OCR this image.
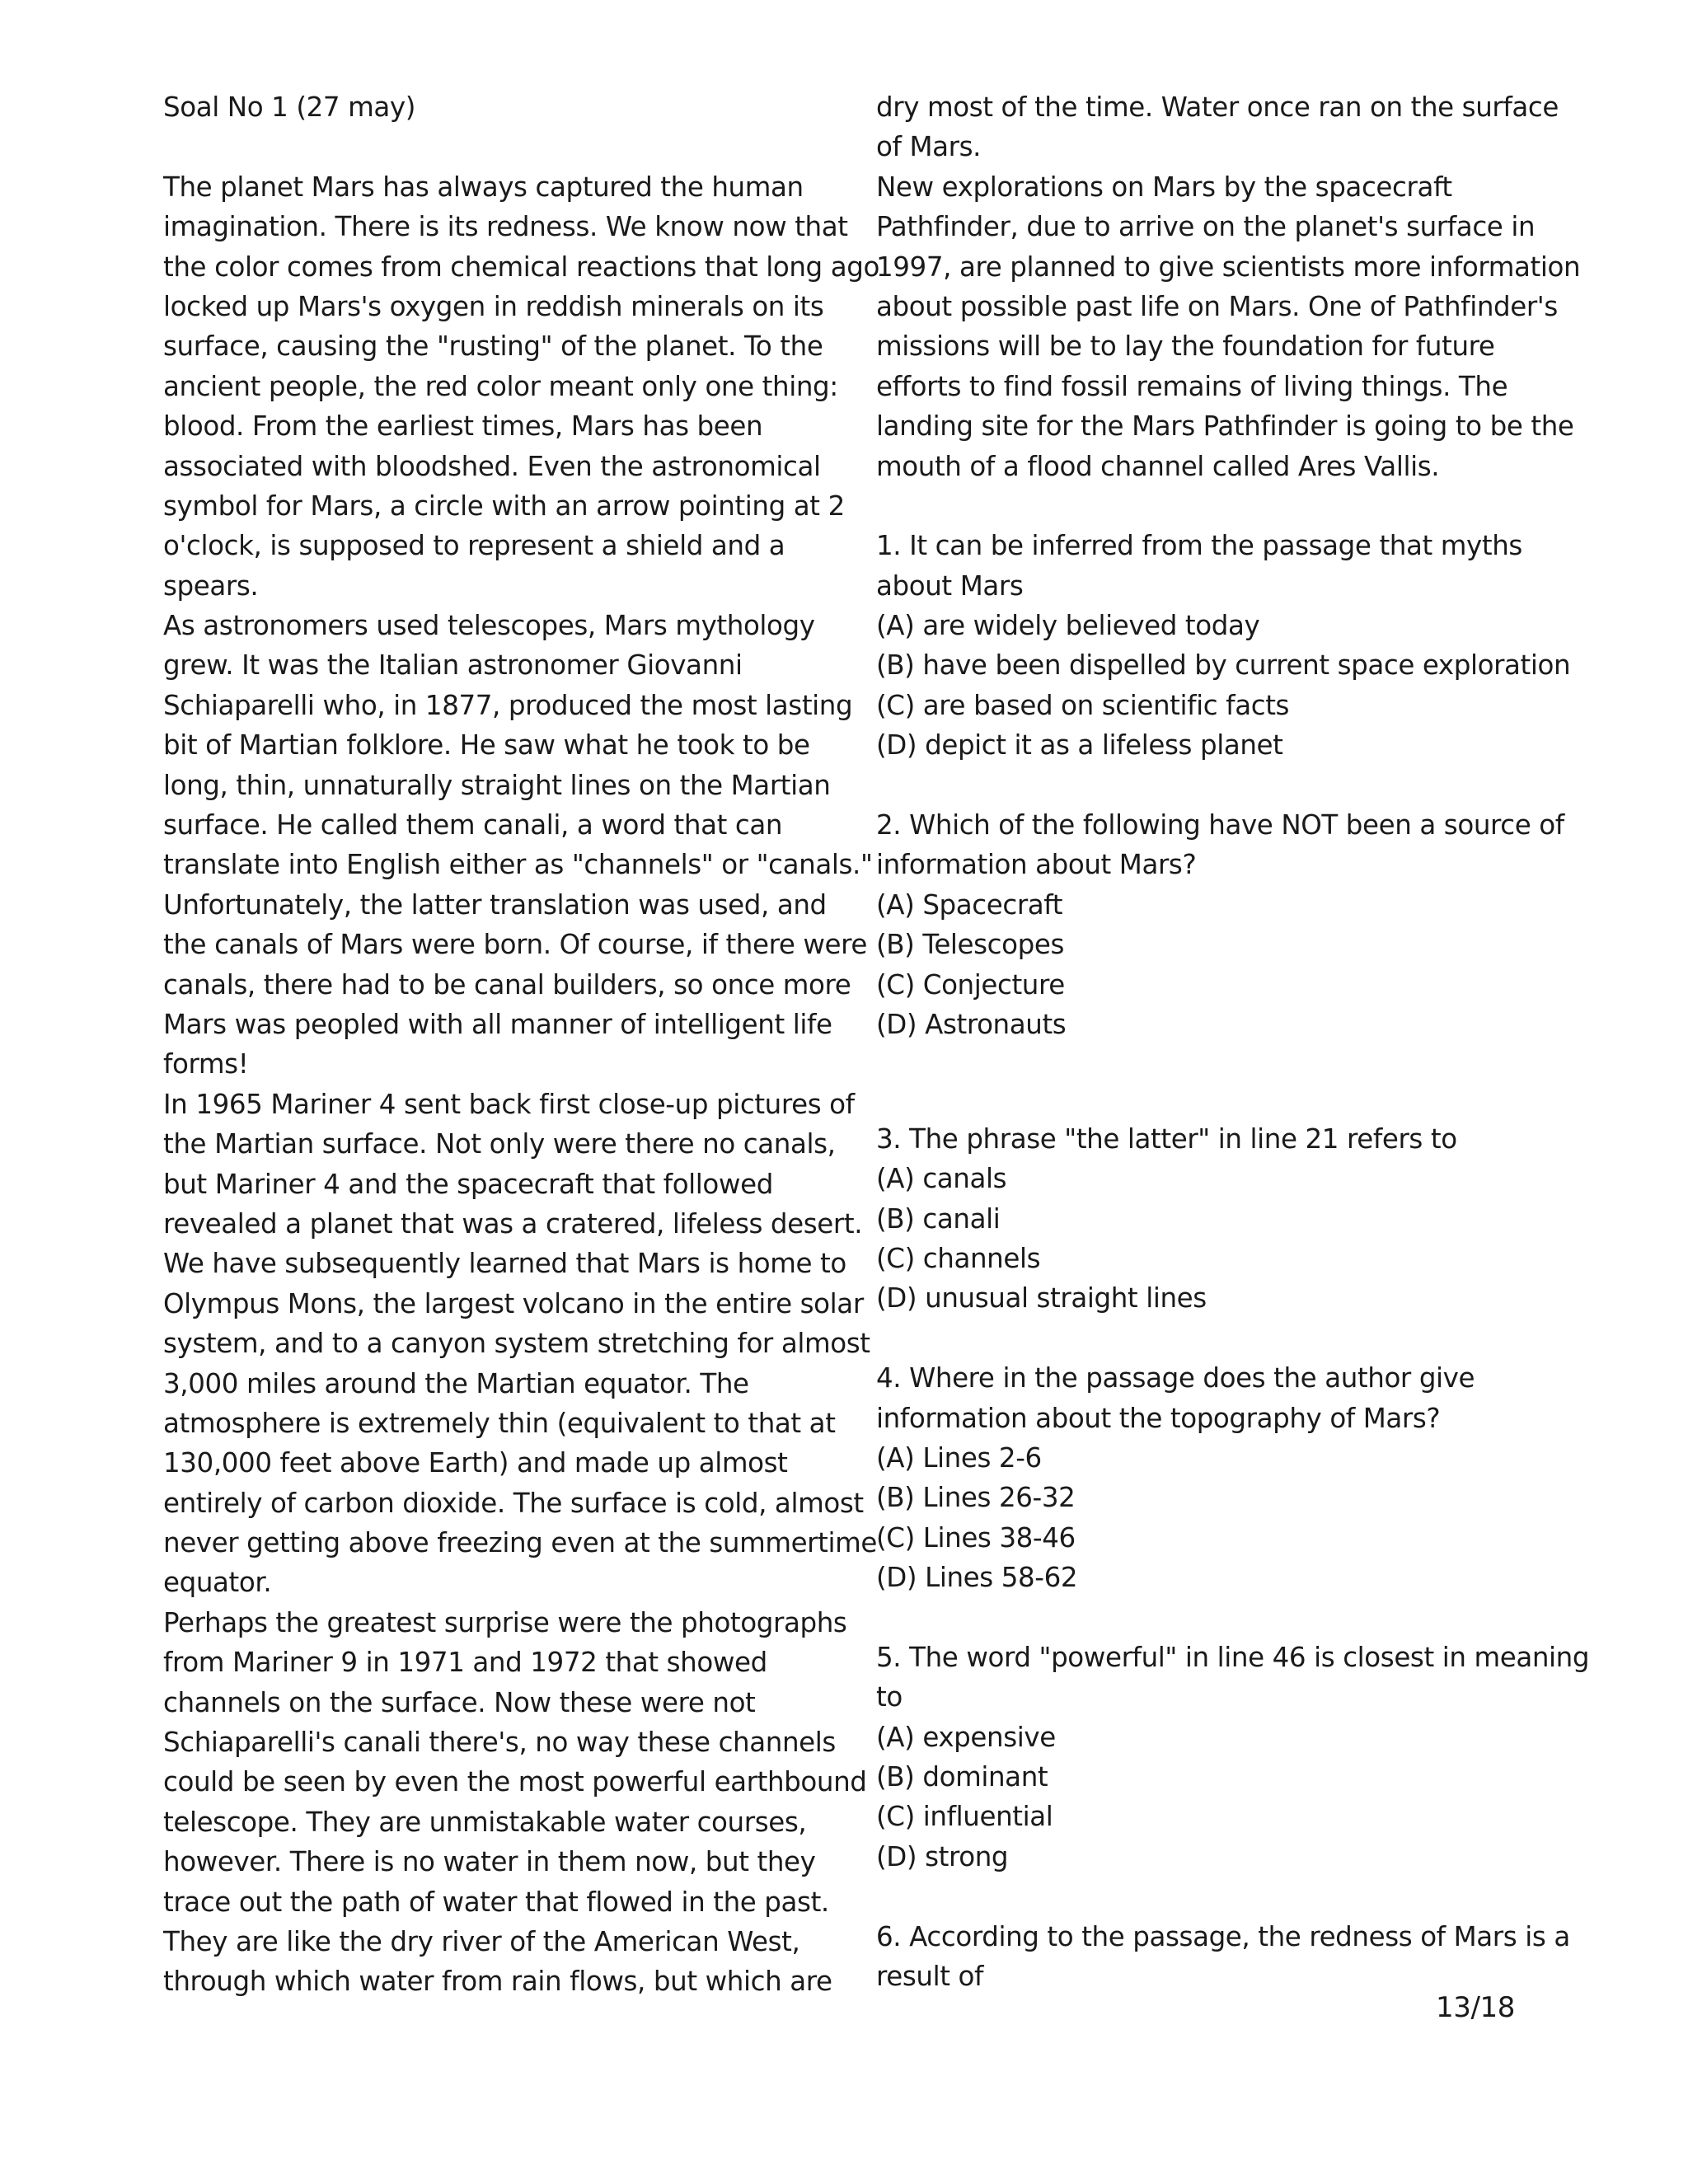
Soal No 1 (27 may)
The planet Mars has always captured the human
imagination. There is its redness. We know now that
the color comes from chemical reactions that long ago
locked up Mars's oxygen in reddish minerals on its
surface, causing the "rusting" of the planet. To the
ancient people, the red color meant only one thing:
blood. From the earliest times, Mars has been
associated with bloodshed. Even the astronomical
symbol for Mars, a circle with an arrow pointing at 2
o'clock, is supposed to represent a shield and a
spears.
As astronomers used telescopes, Mars mythology
grew. It was the Italian astronomer Giovanni
Schiaparelli who, in 1877, produced the most lasting
bit of Martian folklore. He saw what he took to be
long, thin, unnaturally straight lines on the Martian
surface. He called them canali, a word that can
translate into English either as "channels" or "canals."
Unfortunately, the latter translation was used, and
the canals of Mars were born. Of course, if there were
canals, there had to be canal builders, so once more
Mars was peopled with all manner of intelligent life
forms!
In 1965 Mariner 4 sent back first close-up pictures of
the Martian surface. Not only were there no canals,
but Mariner 4 and the spacecraft that followed
revealed a planet that was a cratered, lifeless desert.
We have subsequently learned that Mars is home to
Olympus Mons, the largest volcano in the entire solar
system, and to a canyon system stretching for almost
3,000 miles around the Martian equator. The
atmosphere is extremely thin (equivalent to that at
130,000 feet above Earth) and made up almost
entirely of carbon dioxide. The surface is cold, almost
never getting above freezing even at the summertime
equator.
Perhaps the greatest surprise were the photographs
from Mariner 9 in 1971 and 1972 that showed
channels on the surface. Now these were not
Schiaparelli's canali there's, no way these channels
could be seen by even the most powerful earthbound
telescope. They are unmistakable water courses,
however. There is no water in them now, but they
trace out the path of water that flowed in the past.
They are like the dry river of the American West,
through which water from rain flows, but which are
dry most of the time. Water once ran on the surface
of Mars.
New explorations on Mars by the spacecraft
Pathfinder, due to arrive on the planet's surface in
1997, are planned to give scientists more information
about possible past life on Mars. One of Pathfinder's
missions will be to lay the foundation for future
efforts to find fossil remains of living things. The
landing site for the Mars Pathfinder is going to be the
mouth of a flood channel called Ares Vallis.
1. It can be inferred from the passage that myths
about Mars
(A) are widely believed today
(B) have been dispelled by current space exploration
(C) are based on scientific facts
(D) depict it as a lifeless planet
2. Which of the following have NOT been a source of
information about Mars?
(A) Spacecraft
(B) Telescopes
(C) Conjecture
(D) Astronauts
3. The phrase "the latter" in line 21 refers to
(A) canals
(B) canali
(C) channels
(D) unusual straight lines
4. Where in the passage does the author give
information about the topography of Mars?
(A) Lines 2-6
(B) Lines 26-32
(C) Lines 38-46
(D) Lines 58-62
5. The word "powerful" in line 46 is closest in meaning
to
(A) expensive
(B) dominant
(C) influential
(D) strong
6. According to the passage, the redness of Mars is a
result of
13/18
